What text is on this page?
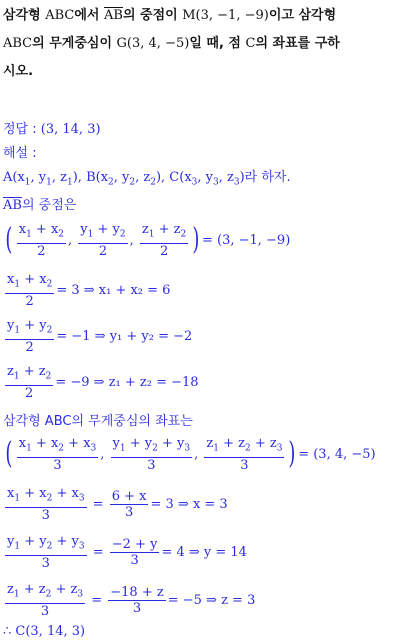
삼각형 ABC에서 $\overline{AB}$의 중점이 M(3, −1, −9)이고 삼각형
ABC의 무게중심이 G(3, 4, −5)일 때, 점 C의 좌표를 구하
시오.
정답 : (3, 14, 3)
해설 :
$A(x_1$, $y_1$, $z_1$), $B(x_2$, $y_2$, $z_2$), $C(x_3$, $y_3$, $z_3$)라 하자.
$\overline{AB}$의 중점은
( $\frac{x_1 + x_2}{2}$ , $\frac{y_1 + y_2}{2}$ , $\frac{z_1 + z_2}{2}$ ) = (3, −1, −9)
$\frac{x_1 + x_2}{2} = 3$ ⇒ x₁ + x₂ = 6
$\frac{y_1 + y_2}{2} = -1$ ⇒ y₁ + y₂ = −2
$\frac{z_1 + z_2}{2} = -9$ ⇒ z₁ + z₂ = −18
삼각형 ABC의 무게중심의 좌표는
( $\frac{x_1 + x_2 + x_3}{3}$ , $\frac{y_1 + y_2 + y_3}{3}$ , $\frac{z_1 + z_2 + z_3}{3}$ ) = (3, 4, −5)
$\frac{x_1 + x_2 + x_3}{3} = \frac{6 + x}{3} = 3$ ⇒ x = 3
$\frac{y_1 + y_2 + y_3}{3} = \frac{-2 + y}{3} = 4$ ⇒ y = 14
$\frac{z_1 + z_2 + z_3}{3} = \frac{-18 + z}{3} = -5$ ⇒ z = 3
∴ C(3, 14, 3)
